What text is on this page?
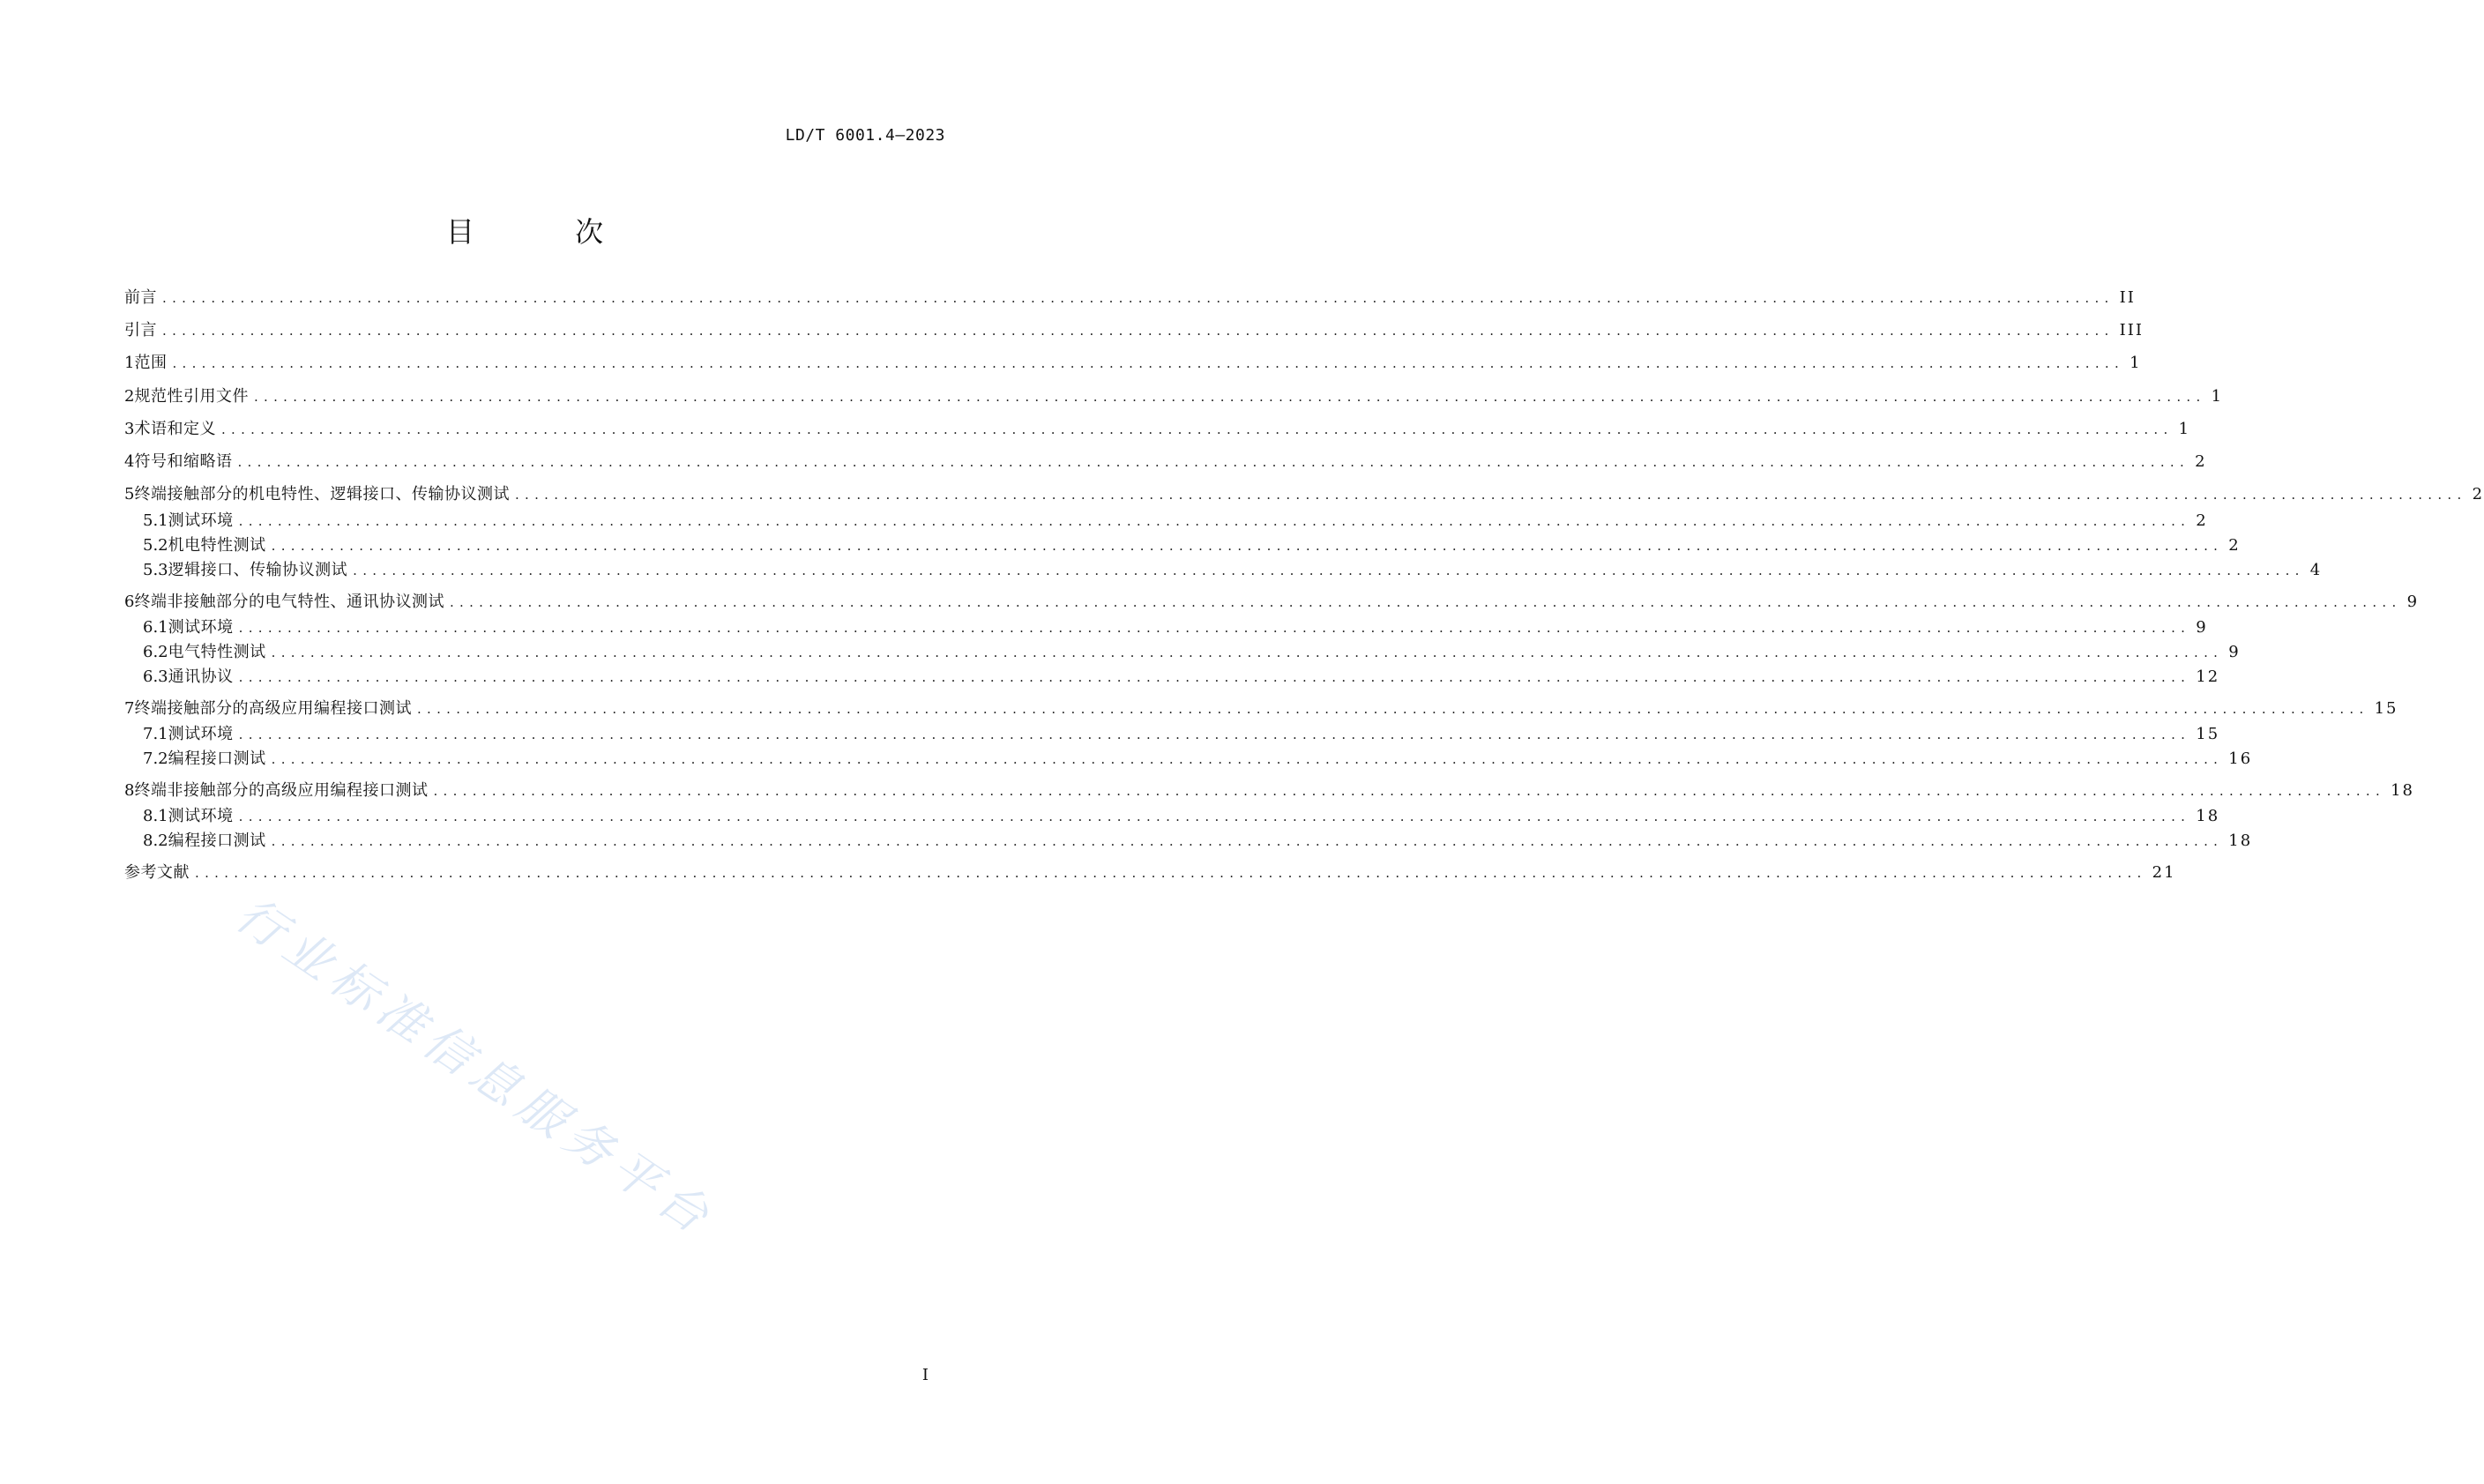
LD/T 6001.4—2023
目 次
前言 ........................................................................................................................................................................................................ II
引言 ........................................................................................................................................................................................................ III
1 范围 ........................................................................................................................................................................................................ 1
2 规范性引用文件 ........................................................................................................................................................................................................ 1
3 术语和定义 ........................................................................................................................................................................................................ 1
4 符号和缩略语 ........................................................................................................................................................................................................ 2
5 终端接触部分的机电特性、逻辑接口、传输协议测试 ........................................................................................................................................................................................................ 2
5.1 测试环境 ........................................................................................................................................................................................................ 2
5.2 机电特性测试 ........................................................................................................................................................................................................ 2
5.3 逻辑接口、传输协议测试 ........................................................................................................................................................................................................ 4
6 终端非接触部分的电气特性、通讯协议测试 ........................................................................................................................................................................................................ 9
6.1 测试环境 ........................................................................................................................................................................................................ 9
6.2 电气特性测试 ........................................................................................................................................................................................................ 9
6.3 通讯协议 ........................................................................................................................................................................................................ 12
7 终端接触部分的高级应用编程接口测试 ........................................................................................................................................................................................................ 15
7.1 测试环境 ........................................................................................................................................................................................................ 15
7.2 编程接口测试 ........................................................................................................................................................................................................ 16
8 终端非接触部分的高级应用编程接口测试 ........................................................................................................................................................................................................ 18
8.1 测试环境 ........................................................................................................................................................................................................ 18
8.2 编程接口测试 ........................................................................................................................................................................................................ 18
参考文献 ........................................................................................................................................................................................................ 21
I
行业标准信息服务平台
